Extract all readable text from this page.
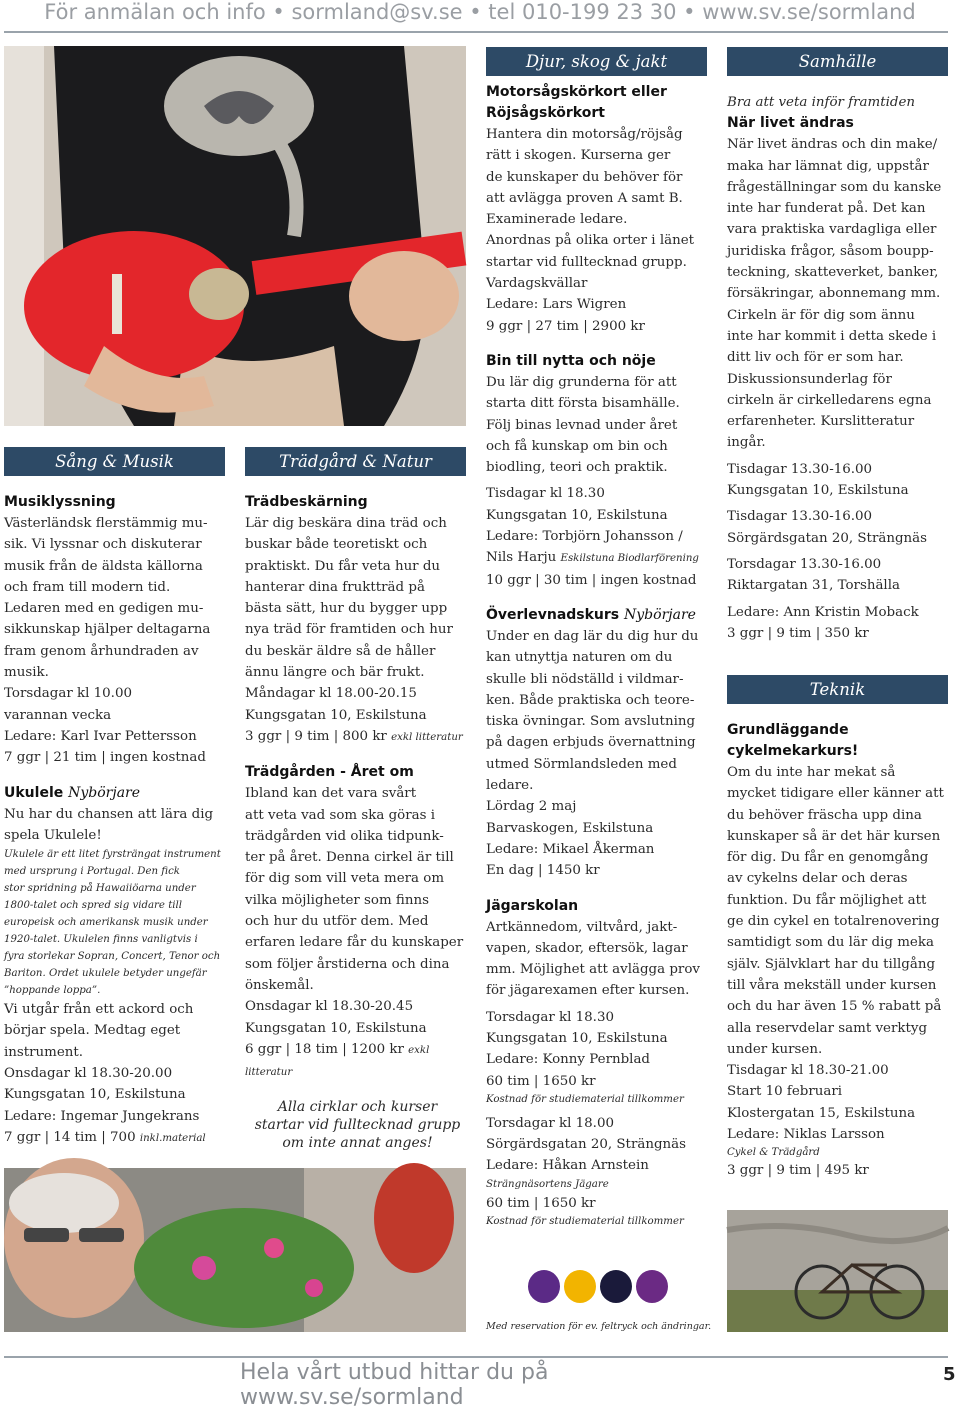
För anmälan och info • sormland@sv.se • tel 010-199 23 30 • www.sv.se/sormland
Sång & Musik
Musiklyssning
Västerländsk flerstämmig mu-
sik. Vi lyssnar och diskuterar
musik från de äldsta källorna
och fram till modern tid.
Ledaren med en gedigen mu-
sikkunskap hjälper deltagarna
fram genom århundraden av
musik.
Torsdagar kl 10.00
varannan vecka
Ledare: Karl Ivar Pettersson
7 ggr | 21 tim | ingen kostnad
Ukulele Nybörjare
Nu har du chansen att lära dig
spela Ukulele!
Ukulele är ett litet fyrsträngat instrument
med ursprung i Portugal. Den fick
stor spridning på Hawaiiöarna under
1800-talet och spred sig vidare till
europeisk och amerikansk musik under
1920-talet. Ukulelen finns vanligtvis i
fyra storlekar Sopran, Concert, Tenor och
Bariton. Ordet ukulele betyder ungefär
”hoppande loppa”.
Vi utgår från ett ackord och
börjar spela. Medtag eget
instrument.
Onsdagar kl 18.30-20.00
Kungsgatan 10, Eskilstuna
Ledare: Ingemar Jungekrans
7 ggr | 14 tim | 700 inkl.material
Trädgård & Natur
Trädbeskärning
Lär dig beskära dina träd och
buskar både teoretiskt och
praktiskt. Du får veta hur du
hanterar dina fruktträd på
bästa sätt, hur du bygger upp
nya träd för framtiden och hur
du beskär äldre så de håller
ännu längre och bär frukt.
Måndagar kl 18.00-20.15
Kungsgatan 10, Eskilstuna
3 ggr | 9 tim | 800 kr exkl litteratur
Trädgården - Året om
Ibland kan det vara svårt
att veta vad som ska göras i
trädgården vid olika tidpunk-
ter på året. Denna cirkel är till
för dig som vill veta mera om
vilka möjligheter som finns
och hur du utför dem. Med
erfaren ledare får du kunskaper
som följer årstiderna och dina
önskemål.
Onsdagar kl 18.30-20.45
Kungsgatan 10, Eskilstuna
6 ggr | 18 tim | 1200 kr exkl litteratur
Alla cirklar och kurser
startar vid fulltecknad grupp
om inte annat anges!
Djur, skog & jakt
Motorsågskörkort eller
Röjsågskörkort
Hantera din motorsåg/röjsåg
rätt i skogen. Kurserna ger
de kunskaper du behöver för
att avlägga proven A samt B.
Examinerade ledare.
Anordnas på olika orter i länet
startar vid fulltecknad grupp.
Vardagskvällar
Ledare: Lars Wigren
9 ggr | 27 tim | 2900 kr
Bin till nytta och nöje
Du lär dig grunderna för att
starta ditt första bisamhälle.
Följ binas levnad under året
och få kunskap om bin och
biodling, teori och praktik.
Tisdagar kl 18.30
Kungsgatan 10, Eskilstuna
Ledare: Torbjörn Johansson /
Nils Harju Eskilstuna Biodlarförening
10 ggr | 30 tim | ingen kostnad
Överlevnadskurs Nybörjare
Under en dag lär du dig hur du
kan utnyttja naturen om du
skulle bli nödställd i vildmar-
ken. Både praktiska och teore-
tiska övningar. Som avslutning
på dagen erbjuds övernattning
utmed Sörmlandsleden med
ledare.
Lördag 2 maj
Barvaskogen, Eskilstuna
Ledare: Mikael Åkerman
En dag | 1450 kr
Jägarskolan
Artkännedom, viltvård, jakt-
vapen, skador, eftersök, lagar
mm. Möjlighet att avlägga prov
för jägarexamen efter kursen.
Torsdagar kl 18.30
Kungsgatan 10, Eskilstuna
Ledare: Konny Pernblad
60 tim | 1650 kr
Kostnad för studiematerial tillkommer
Torsdagar kl 18.00
Sörgärdsgatan 20, Strängnäs
Ledare: Håkan Arnstein
Strängnäsortens Jägare
60 tim | 1650 kr
Kostnad för studiematerial tillkommer
Med reservation för ev. feltryck och ändringar.
Samhälle
Bra att veta inför framtiden
När livet ändras
När livet ändras och din make/
maka har lämnat dig, uppstår
frågeställningar som du kanske
inte har funderat på. Det kan
vara praktiska vardagliga eller
juridiska frågor, såsom boupp-
teckning, skatteverket, banker,
försäkringar, abonnemang mm.
Cirkeln är för dig som ännu
inte har kommit i detta skede i
ditt liv och för er som har.
Diskussionsunderlag för
cirkeln är cirkelledarens egna
erfarenheter. Kurslitteratur
ingår.
Tisdagar 13.30-16.00
Kungsgatan 10, Eskilstuna
Tisdagar 13.30-16.00
Sörgärdsgatan 20, Strängnäs
Torsdagar 13.30-16.00
Riktargatan 31, Torshälla
Ledare: Ann Kristin Moback
3 ggr | 9 tim | 350 kr
Teknik
Grundläggande
cykelmekarkurs!
Om du inte har mekat så
mycket tidigare eller känner att
du behöver fräscha upp dina
kunskaper så är det här kursen
för dig. Du får en genomgång
av cykelns delar och deras
funktion. Du får möjlighet att
ge din cykel en totalrenovering
samtidigt som du lär dig meka
själv. Självklart har du tillgång
till våra mekställ under kursen
och du har även 15 % rabatt på
alla reservdelar samt verktyg
under kursen.
Tisdagar kl 18.30-21.00
Start 10 februari
Klostergatan 15, Eskilstuna
Ledare: Niklas Larsson
Cykel & Trädgård
3 ggr | 9 tim | 495 kr
Hela vårt utbud hittar du på www.sv.se/sormland
5
